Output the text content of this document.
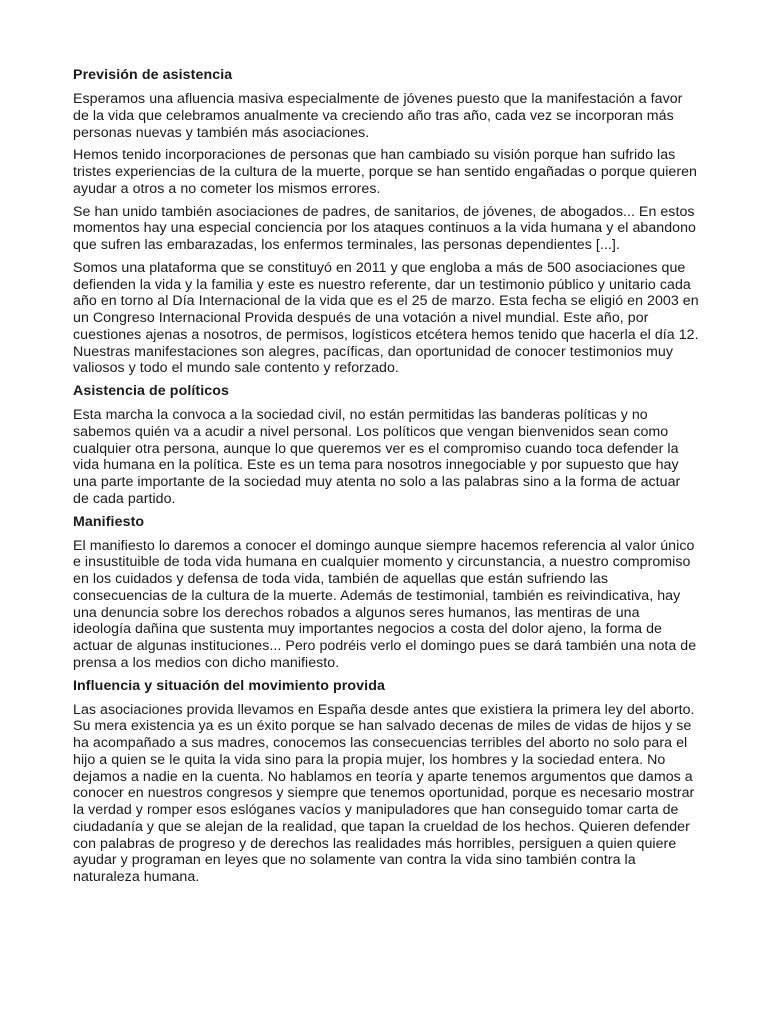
Previsión de asistencia

Esperamos una afluencia masiva especialmente de jóvenes puesto que la manifestación a favor de la vida que celebramos anualmente va creciendo año tras año, cada vez se incorporan más personas nuevas y también más asociaciones.

Hemos tenido incorporaciones de personas que han cambiado su visión porque han sufrido las tristes experiencias de la cultura de la muerte, porque se han sentido engañadas o porque quieren ayudar a otros a no cometer los mismos errores.

Se han unido también asociaciones de padres, de sanitarios, de jóvenes, de abogados... En estos momentos hay una especial conciencia por los ataques continuos a la vida humana y el abandono que sufren las embarazadas, los enfermos terminales, las personas dependientes [...].

Somos una plataforma que se constituyó en 2011 y que engloba a más de 500 asociaciones que defienden la vida y la familia y este es nuestro referente, dar un testimonio público y unitario cada año en torno al Día Internacional de la vida que es el 25 de marzo. Esta fecha se eligió en 2003 en un Congreso Internacional Provida después de una votación a nivel mundial. Este año, por cuestiones ajenas a nosotros, de permisos, logísticos etcétera hemos tenido que hacerla el día 12. Nuestras manifestaciones son alegres, pacíficas, dan oportunidad de conocer testimonios muy valiosos y todo el mundo sale contento y reforzado.

Asistencia de políticos

Esta marcha la convoca a la sociedad civil, no están permitidas las banderas políticas y no sabemos quién va a acudir a nivel personal. Los políticos que vengan bienvenidos sean como cualquier otra persona, aunque lo que queremos ver es el compromiso cuando toca defender la vida humana en la política. Este es un tema para nosotros innegociable y por supuesto que hay una parte importante de la sociedad muy atenta no solo a las palabras sino a la forma de actuar de cada partido.

Manifiesto

El manifiesto lo daremos a conocer el domingo aunque siempre hacemos referencia al valor único e insustituible de toda vida humana en cualquier momento y circunstancia, a nuestro compromiso en los cuidados y defensa de toda vida, también de aquellas que están sufriendo las consecuencias de la cultura de la muerte. Además de testimonial, también es reivindicativa, hay una denuncia sobre los derechos robados a algunos seres humanos, las mentiras de una ideología dañina que sustenta muy importantes negocios a costa del dolor ajeno, la forma de actuar de algunas instituciones... Pero podréis verlo el domingo pues se dará también una nota de prensa a los medios con dicho manifiesto.

Influencia y situación del movimiento provida

Las asociaciones provida llevamos en España desde antes que existiera la primera ley del aborto. Su mera existencia ya es un éxito porque se han salvado decenas de miles de vidas de hijos y se ha acompañado a sus madres, conocemos las consecuencias terribles del aborto no solo para el hijo a quien se le quita la vida sino para la propia mujer, los hombres y la sociedad entera. No dejamos a nadie en la cuenta. No hablamos en teoría y aparte tenemos argumentos que damos a conocer en nuestros congresos y siempre que tenemos oportunidad, porque es necesario mostrar la verdad y romper esos eslóganes vacíos y manipuladores que han conseguido tomar carta de ciudadanía y que se alejan de la realidad, que tapan la crueldad de los hechos. Quieren defender con palabras de progreso y de derechos las realidades más horribles, persiguen a quien quiere ayudar y programan en leyes que no solamente van contra la vida sino también contra la naturaleza humana.
